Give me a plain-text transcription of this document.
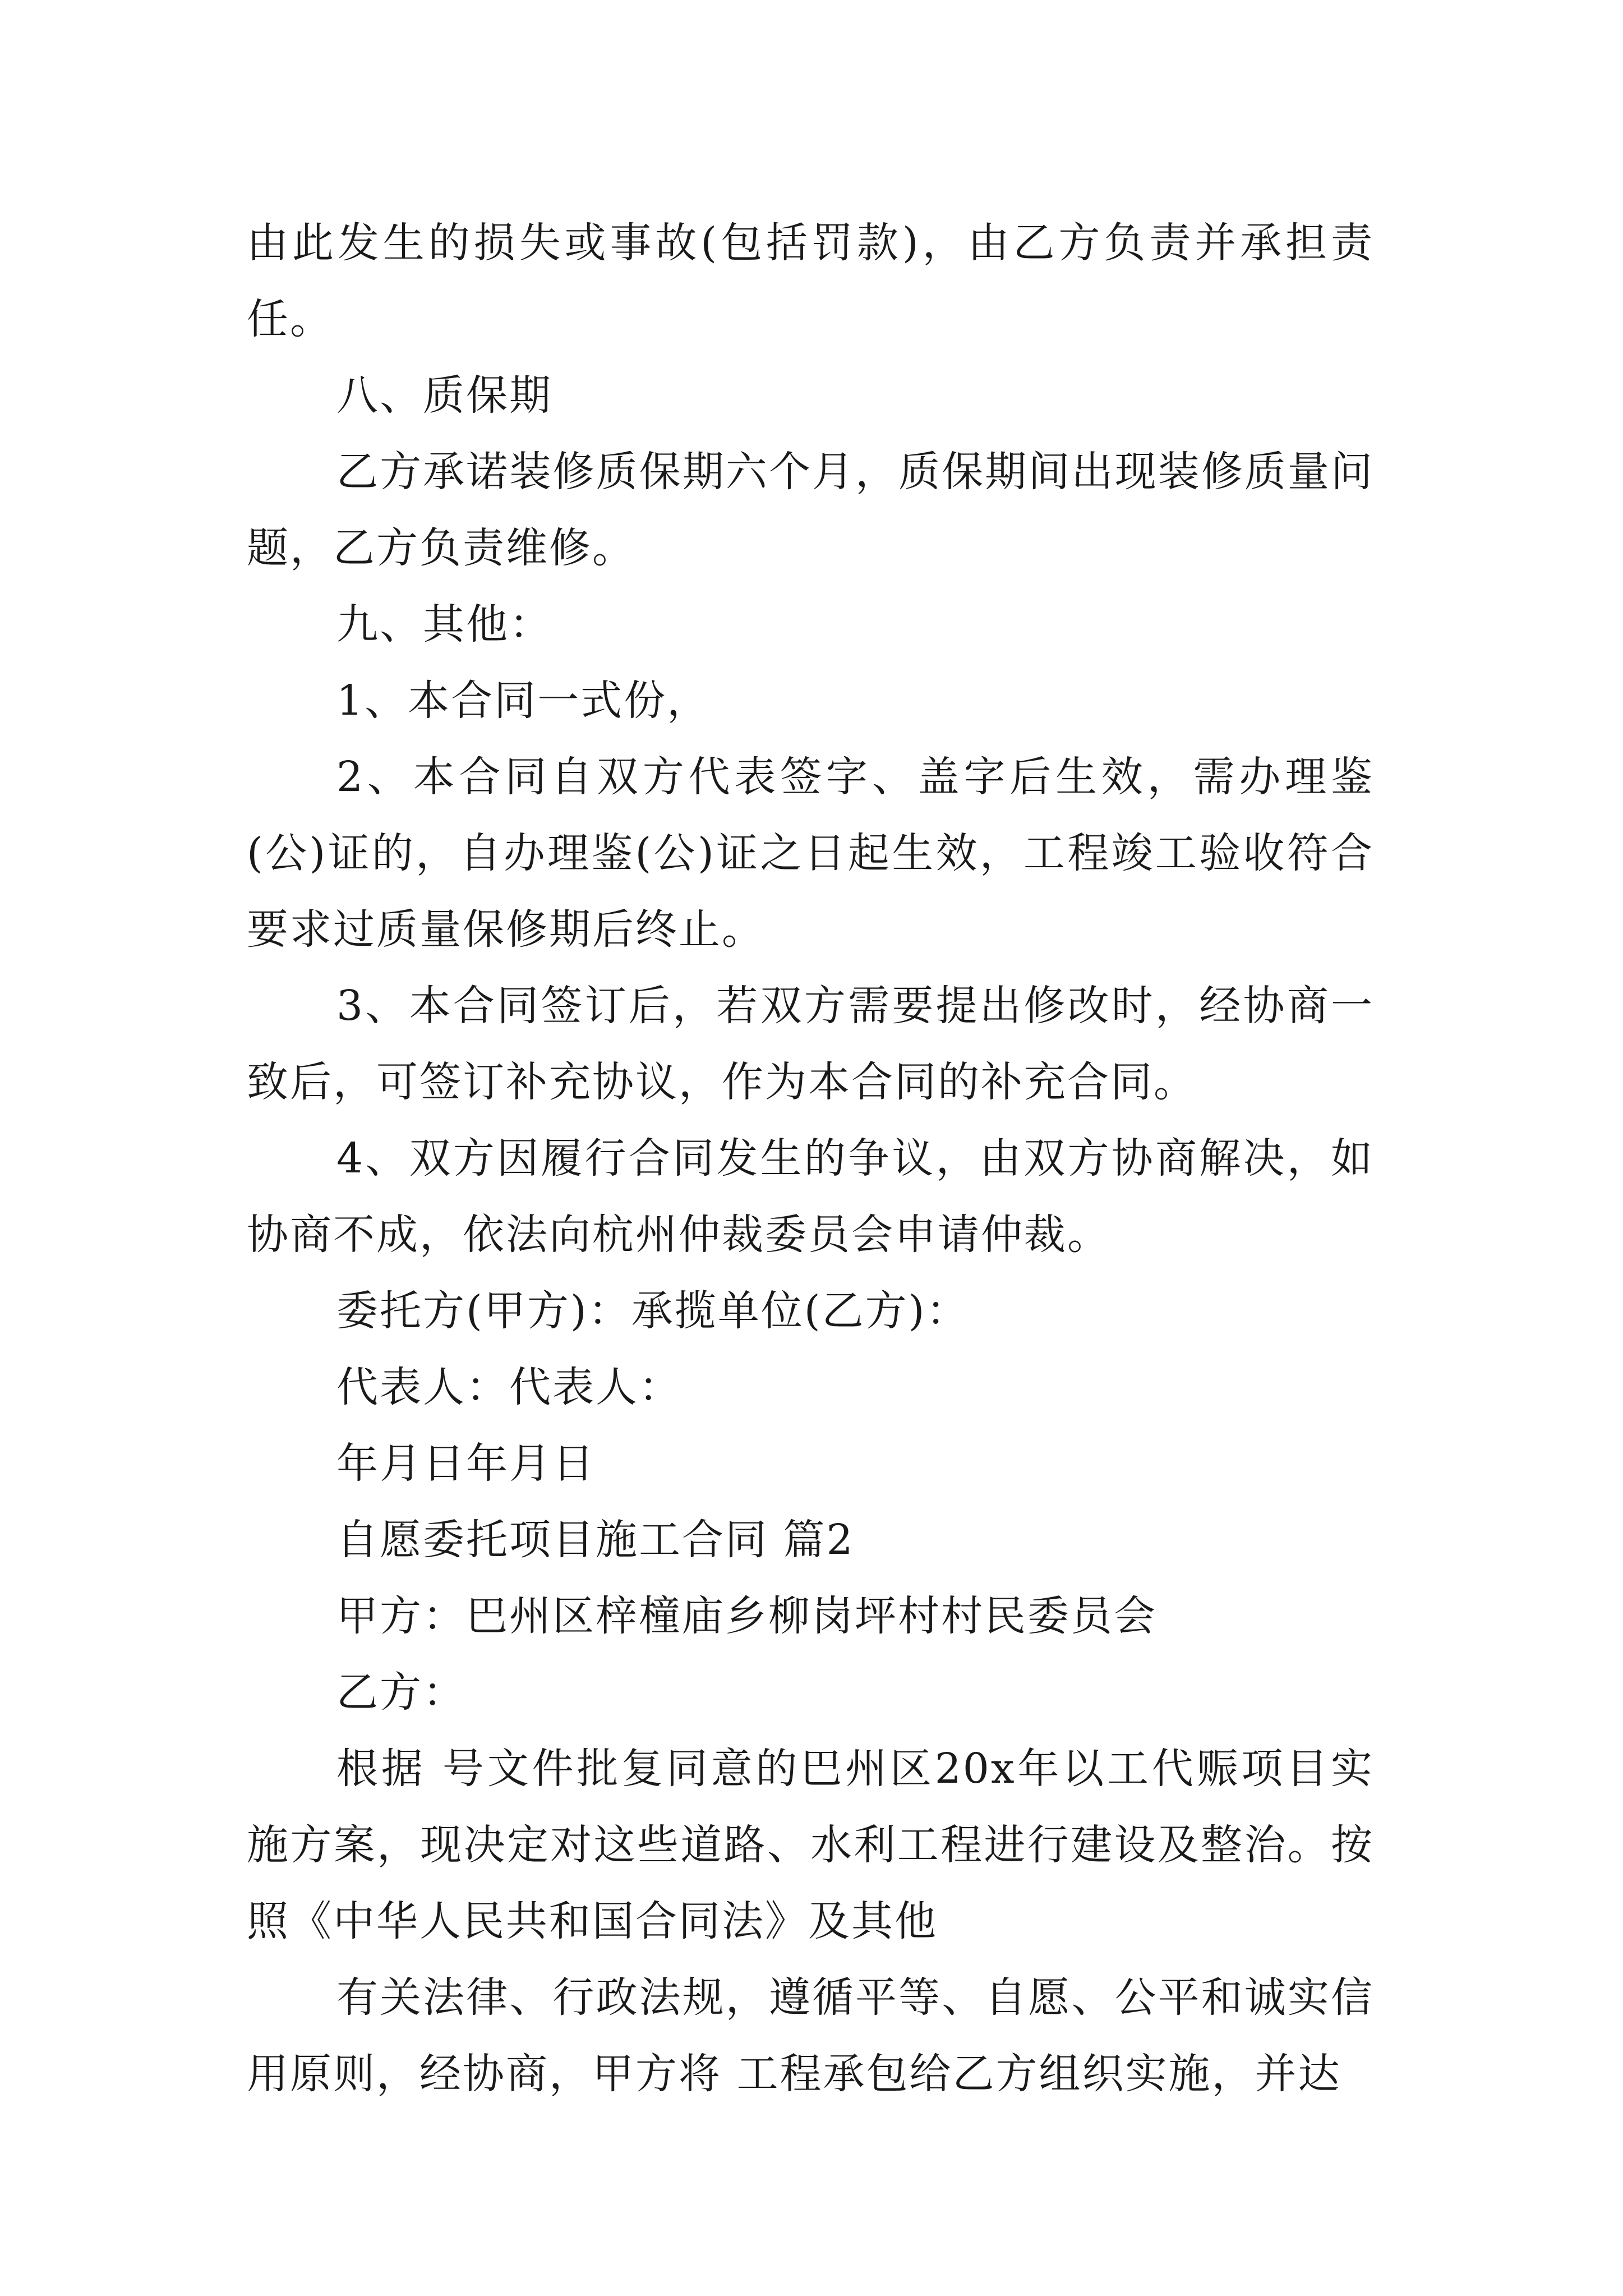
由此发生的损失或事故(包括罚款)，由乙方负责并承担责任。

八、质保期

乙方承诺装修质保期六个月，质保期间出现装修质量问题，乙方负责维修。

九、其他：

1、本合同一式份，

2、本合同自双方代表签字、盖字后生效，需办理鉴(公)证的，自办理鉴(公)证之日起生效，工程竣工验收符合要求过质量保修期后终止。

3、本合同签订后，若双方需要提出修改时，经协商一致后，可签订补充协议，作为本合同的补充合同。

4、双方因履行合同发生的争议，由双方协商解决，如协商不成，依法向杭州仲裁委员会申请仲裁。

委托方(甲方)：承揽单位(乙方)：

代表人：代表人：

年月日年月日

自愿委托项目施工合同 篇2

甲方：巴州区梓橦庙乡柳岗坪村村民委员会

乙方：

根据 号文件批复同意的巴州区20x年以工代赈项目实施方案，现决定对这些道路、水利工程进行建设及整治。按照《中华人民共和国合同法》及其他

有关法律、行政法规，遵循平等、自愿、公平和诚实信用原则，经协商，甲方将 工程承包给乙方组织实施，并达
